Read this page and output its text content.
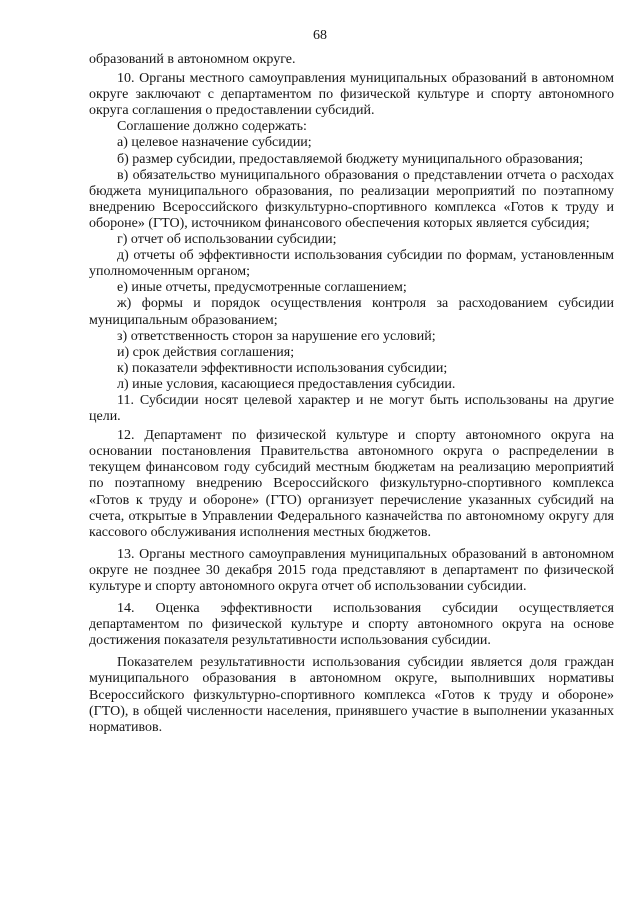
68

образований в автономном округе.

10. Органы местного самоуправления муниципальных образований в автономном округе заключают с департаментом по физической культуре и спорту автономного округа соглашения о предоставлении субсидий.

Соглашение должно содержать:

а) целевое назначение субсидии;

б) размер субсидии, предоставляемой бюджету муниципального образования;

в) обязательство муниципального образования о представлении отчета о расходах бюджета муниципального образования, по реализации мероприятий по поэтапному внедрению Всероссийского физкультурно-спортивного комплекса «Готов к труду и обороне» (ГТО), источником финансового обеспечения которых является субсидия;

г) отчет об использовании субсидии;

д) отчеты об эффективности использования субсидии по формам, установленным уполномоченным органом;

е) иные отчеты, предусмотренные соглашением;

ж) формы и порядок осуществления контроля за расходованием субсидии муниципальным образованием;

з) ответственность сторон за нарушение его условий;

и) срок действия соглашения;

к) показатели эффективности использования субсидии;

л) иные условия, касающиеся предоставления субсидии.

11. Субсидии носят целевой характер и не могут быть использованы на другие цели.

12. Департамент по физической культуре и спорту автономного округа на основании постановления Правительства автономного округа о распределении в текущем финансовом году субсидий местным бюджетам на реализацию мероприятий по поэтапному внедрению Всероссийского физкультурно-спортивного комплекса «Готов к труду и обороне» (ГТО) организует перечисление указанных субсидий на счета, открытые в Управлении Федерального казначейства по автономному округу для кассового обслуживания исполнения местных бюджетов.

13. Органы местного самоуправления муниципальных образований в автономном округе не позднее 30 декабря 2015 года представляют в департамент по физической культуре и спорту автономного округа отчет об использовании субсидии.

14. Оценка эффективности использования субсидии осуществляется департаментом по физической культуре и спорту автономного округа на основе достижения показателя результативности использования субсидии.

Показателем результативности использования субсидии является доля граждан муниципального образования в автономном округе, выполнивших нормативы Всероссийского физкультурно-спортивного комплекса «Готов к труду и обороне» (ГТО), в общей численности населения, принявшего участие в выполнении указанных нормативов.
